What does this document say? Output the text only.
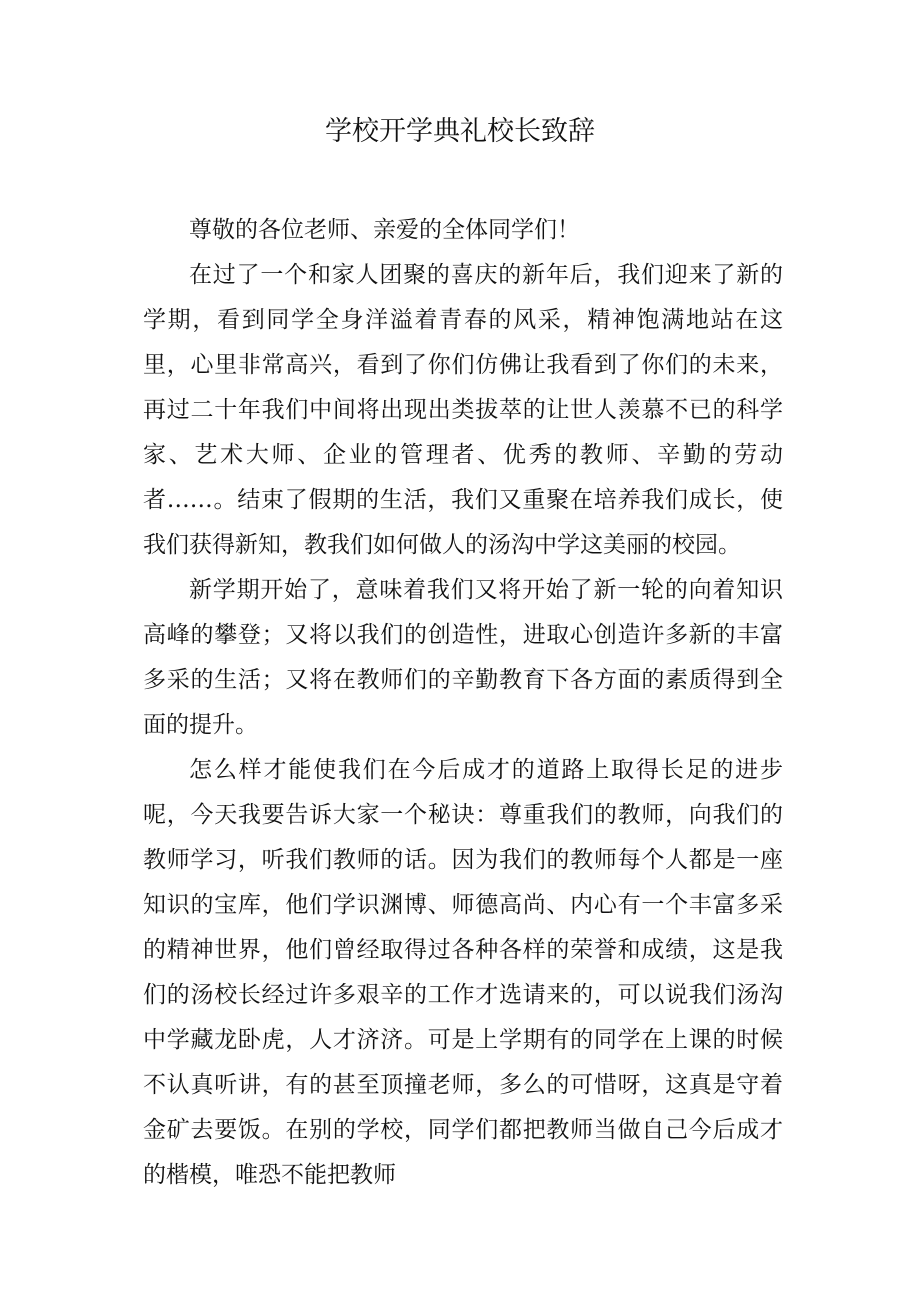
学校开学典礼校长致辞

尊敬的各位老师、亲爱的全体同学们！

在过了一个和家人团聚的喜庆的新年后，我们迎来了新的学期，看到同学全身洋溢着青春的风采，精神饱满地站在这里，心里非常高兴，看到了你们仿佛让我看到了你们的未来，再过二十年我们中间将出现出类拔萃的让世人羡慕不已的科学家、艺术大师、企业的管理者、优秀的教师、辛勤的劳动者……。结束了假期的生活，我们又重聚在培养我们成长，使我们获得新知，教我们如何做人的汤沟中学这美丽的校园。

新学期开始了，意味着我们又将开始了新一轮的向着知识高峰的攀登；又将以我们的创造性，进取心创造许多新的丰富多采的生活；又将在教师们的辛勤教育下各方面的素质得到全面的提升。

怎么样才能使我们在今后成才的道路上取得长足的进步呢，今天我要告诉大家一个秘诀：尊重我们的教师，向我们的教师学习，听我们教师的话。因为我们的教师每个人都是一座知识的宝库，他们学识渊博、师德高尚、内心有一个丰富多采的精神世界，他们曾经取得过各种各样的荣誉和成绩，这是我们的汤校长经过许多艰辛的工作才选请来的，可以说我们汤沟中学藏龙卧虎，人才济济。可是上学期有的同学在上课的时候不认真听讲，有的甚至顶撞老师，多么的可惜呀，这真是守着金矿去要饭。在别的学校，同学们都把教师当做自己今后成才的楷模，唯恐不能把教师
